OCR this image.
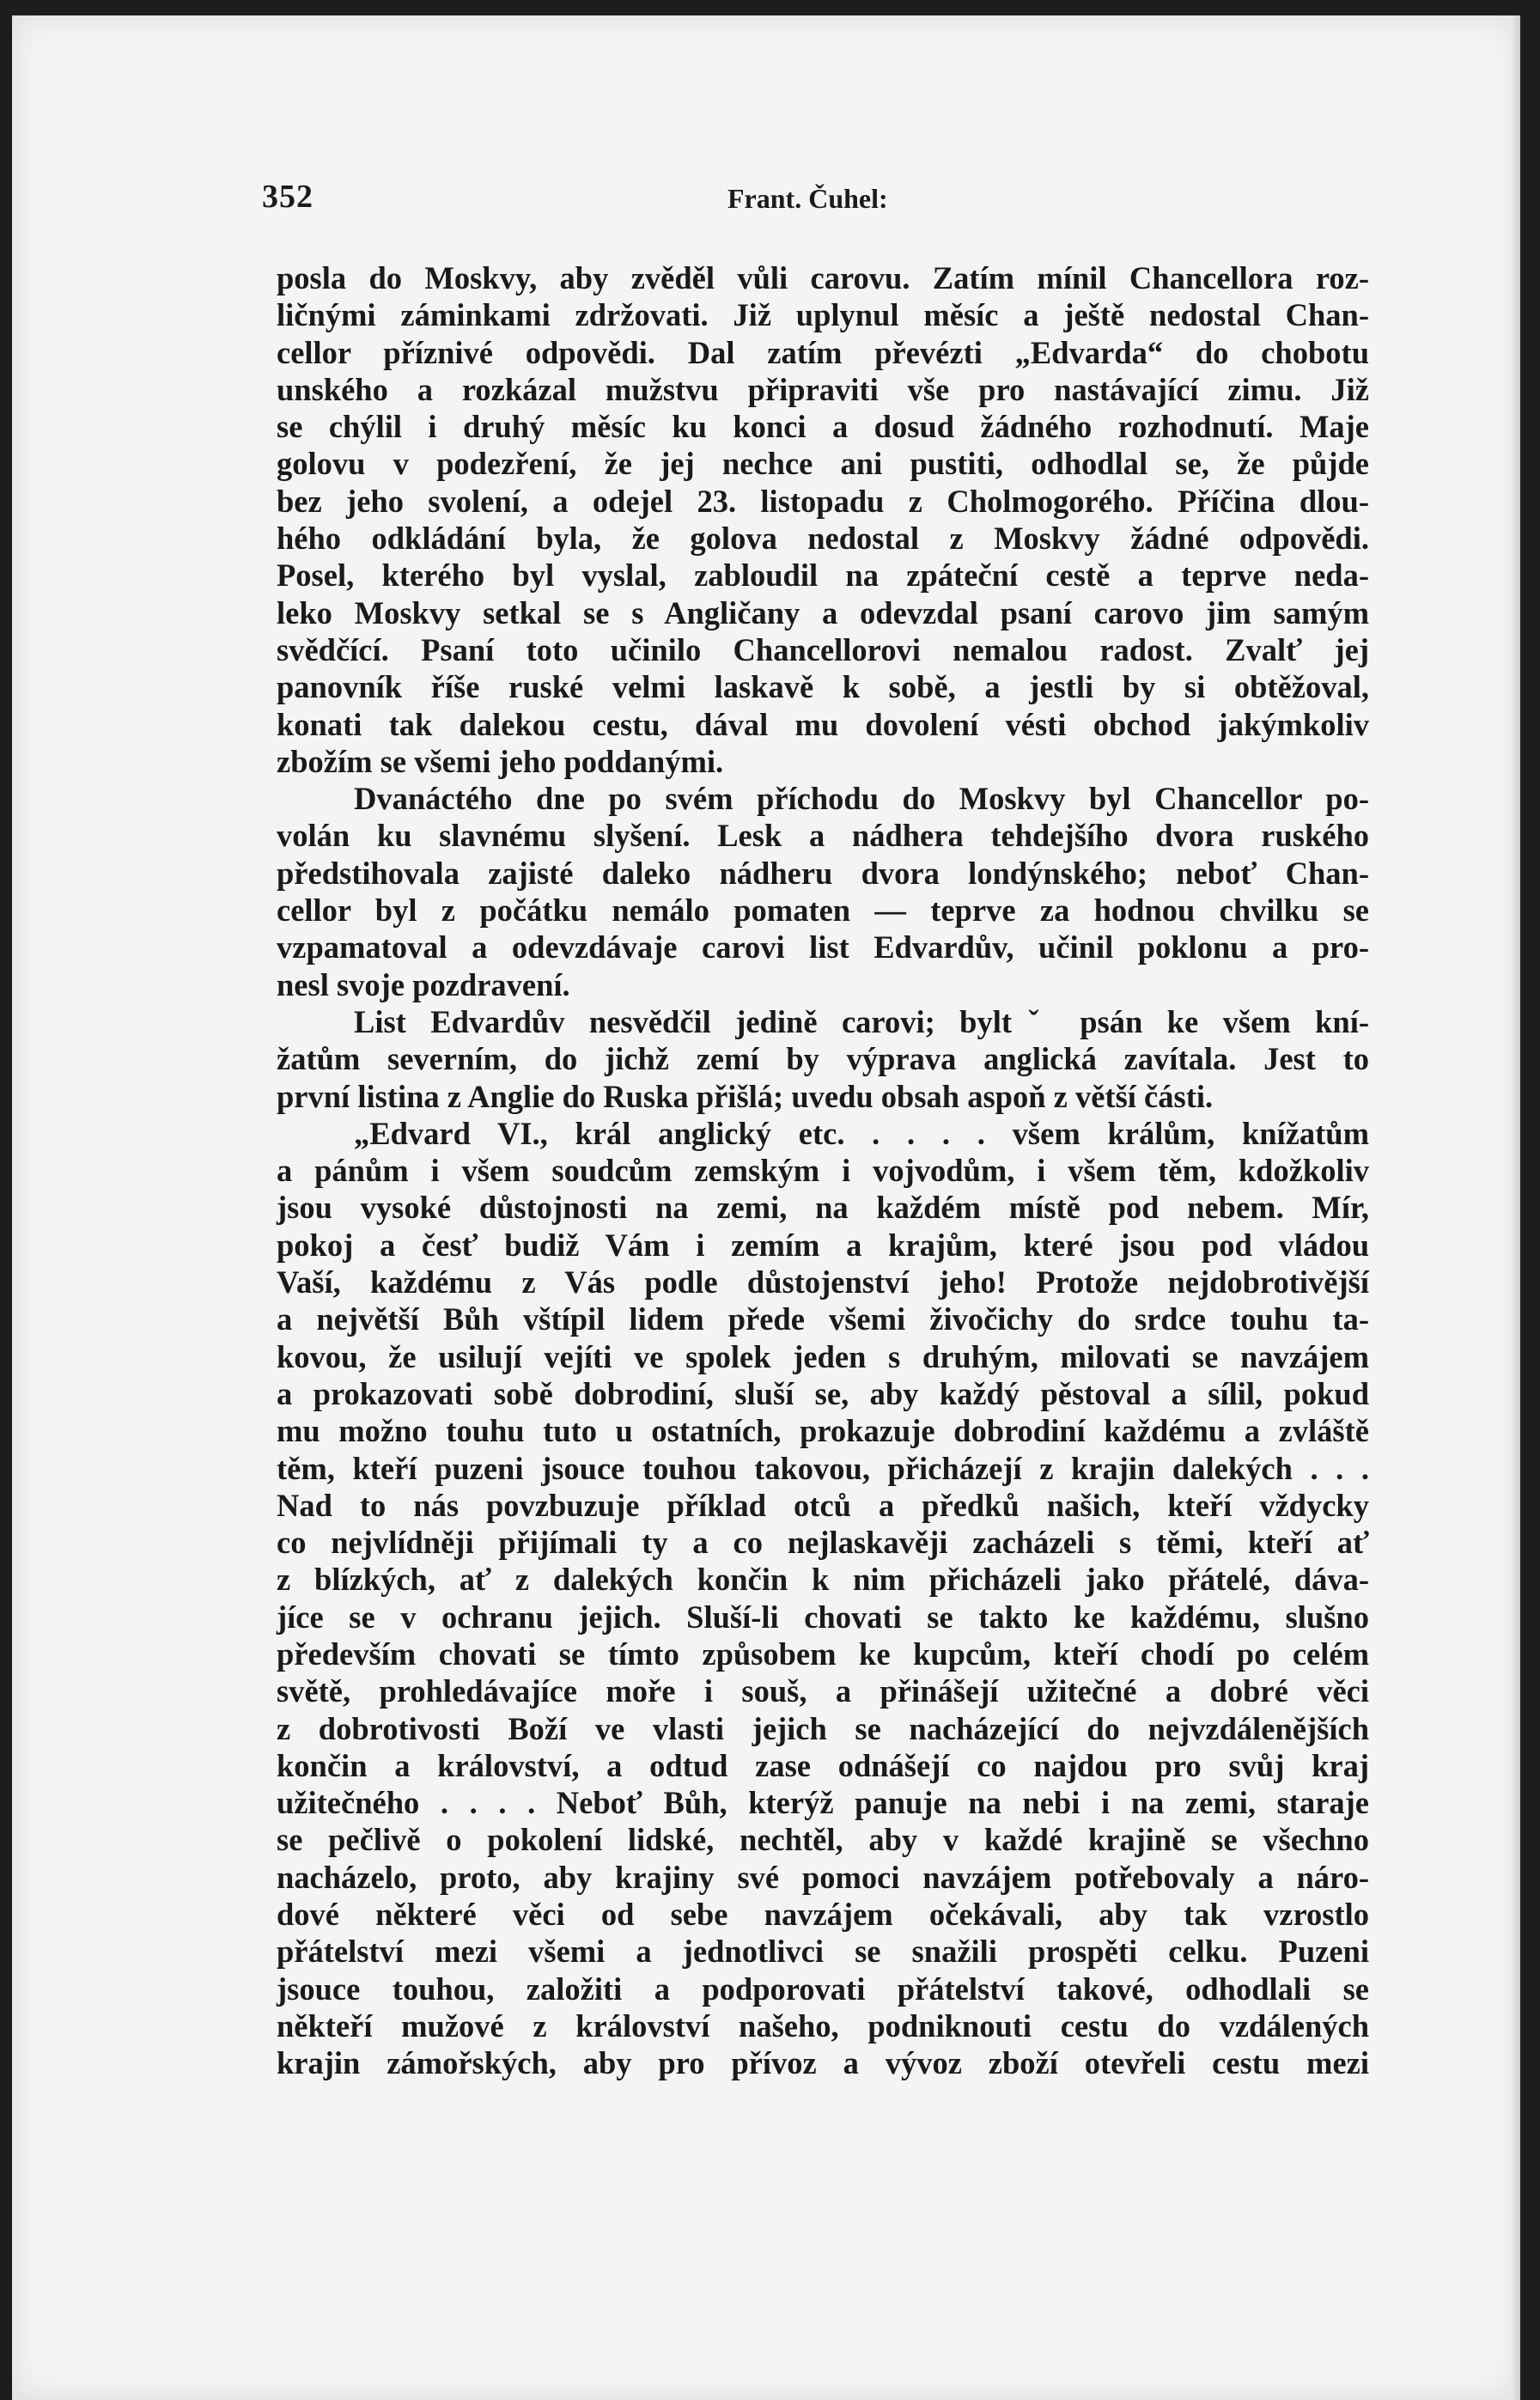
352	Frant. Čuhel:
posla do Moskvy, aby zvěděl vůli carovu. Zatím mínil Chancellora roz-
ličnými záminkami zdržovati. Již uplynul měsíc a ještě nedostal Chan-
cellor příznivé odpovědi. Dal zatím převézti „Edvarda“ do chobotu
unského a rozkázal mužstvu připraviti vše pro nastávající zimu. Již
se chýlil i druhý měsíc ku konci a dosud žádného rozhodnutí. Maje
golovu v podezření, že jej nechce ani pustiti, odhodlal se, že půjde
bez jeho svolení, a odejel 23. listopadu z Cholmogorého. Příčina dlou-
hého odkládání byla, že golova nedostal z Moskvy žádné odpovědi.
Posel, kterého byl vyslal, zabloudil na zpáteční cestě a teprve neda-
leko Moskvy setkal se s Angličany a odevzdal psaní carovo jim samým
svědčící. Psaní toto učinilo Chancellorovi nemalou radost. Zvalť jej
panovník říše ruské velmi laskavě k sobě, a jestli by si obtěžoval,
konati tak dalekou cestu, dával mu dovolení vésti obchod jakýmkoliv
zbožím se všemi jeho poddanými.
Dvanáctého dne po svém příchodu do Moskvy byl Chancellor po-
volán ku slavnému slyšení. Lesk a nádhera tehdejšího dvora ruského
předstihovala zajisté daleko nádheru dvora londýnského; neboť Chan-
cellor byl z počátku nemálo pomaten — teprve za hodnou chvilku se
vzpamatoval a odevzdávaje carovi list Edvardův, učinil poklonu a pro-
nesl svoje pozdravení.
List Edvardův nesvědčil jedině carovi; byltˇ psán ke všem kní-
žatům severním, do jichž zemí by výprava anglická zavítala. Jest to
první listina z Anglie do Ruska přišlá; uvedu obsah aspoň z větší části.
„Edvard VI., král anglický etc. . . . . všem králům, knížatům
a pánům i všem soudcům zemským i vojvodům, i všem těm, kdožkoliv
jsou vysoké důstojnosti na zemi, na každém místě pod nebem. Mír,
pokoj a česť budiž Vám i zemím a krajům, které jsou pod vládou
Vaší, každému z Vás podle důstojenství jeho! Protože nejdobrotivější
a největší Bůh vštípil lidem přede všemi živočichy do srdce touhu ta-
kovou, že usilují vejíti ve spolek jeden s druhým, milovati se navzájem
a prokazovati sobě dobrodiní, sluší se, aby každý pěstoval a sílil, pokud
mu možno touhu tuto u ostatních, prokazuje dobrodiní každému a zvláště
těm, kteří puzeni jsouce touhou takovou, přicházejí z krajin dalekých . . .
Nad to nás povzbuzuje příklad otců a předků našich, kteří vždycky
co nejvlídněji přijímali ty a co nejlaskavěji zacházeli s těmi, kteří ať
z blízkých, ať z dalekých končin k nim přicházeli jako přátelé, dáva-
jíce se v ochranu jejich. Sluší-li chovati se takto ke každému, slušno
především chovati se tímto způsobem ke kupcům, kteří chodí po celém
světě, prohledávajíce moře i souš, a přinášejí užitečné a dobré věci
z dobrotivosti Boží ve vlasti jejich se nacházející do nejvzdálenějších
končin a království, a odtud zase odnášejí co najdou pro svůj kraj
užitečného . . . . Neboť Bůh, kterýž panuje na nebi i na zemi, staraje
se pečlivě o pokolení lidské, nechtěl, aby v každé krajině se všechno
nacházelo, proto, aby krajiny své pomoci navzájem potřebovaly a náro-
dové některé věci od sebe navzájem očekávali, aby tak vzrostlo
přátelství mezi všemi a jednotlivci se snažili prospěti celku. Puzeni
jsouce touhou, založiti a podporovati přátelství takové, odhodlali se
někteří mužové z království našeho, podniknouti cestu do vzdálených
krajin zámořských, aby pro přívoz a vývoz zboží otevřeli cestu mezi
